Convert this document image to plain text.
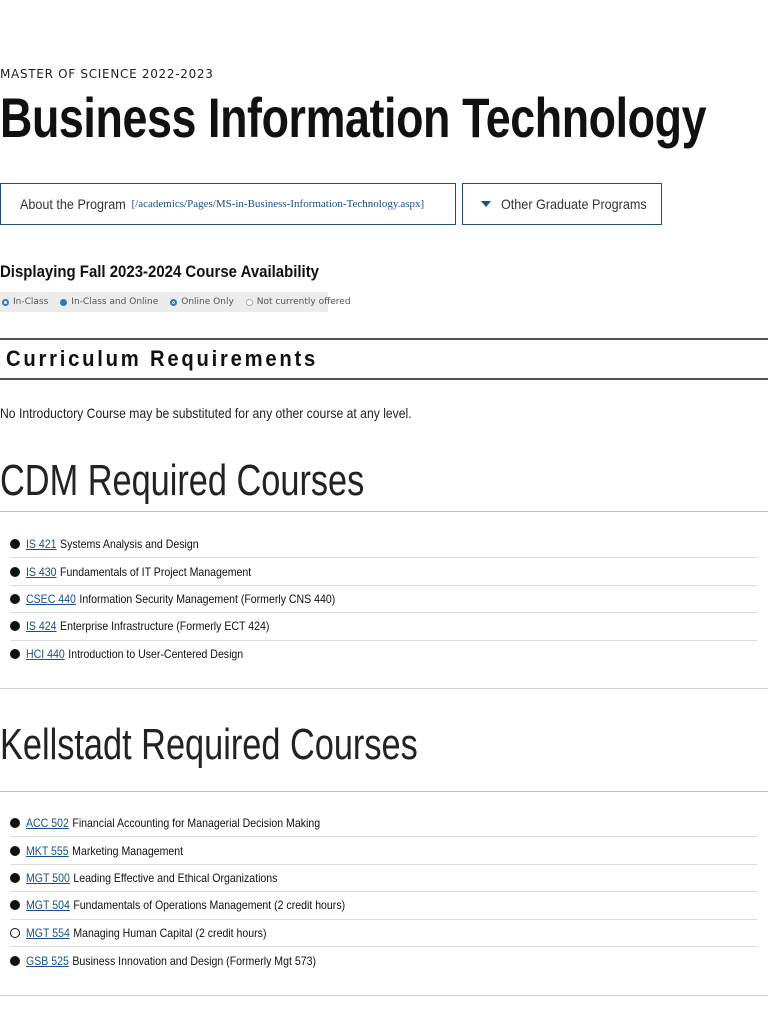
MASTER OF SCIENCE 2022-2023
Business Information Technology
About the Program [/academics/Pages/MS-in-Business-Information-Technology.aspx]	Other Graduate Programs
Displaying Fall 2023-2024 Course Availability
In-Class	In-Class and Online	Online Only	Not currently offered
Curriculum Requirements
No Introductory Course may be substituted for any other course at any level.
CDM Required Courses
IS 421 Systems Analysis and Design
IS 430 Fundamentals of IT Project Management
CSEC 440 Information Security Management (Formerly CNS 440)
IS 424 Enterprise Infrastructure (Formerly ECT 424)
HCI 440 Introduction to User-Centered Design
Kellstadt Required Courses
ACC 502 Financial Accounting for Managerial Decision Making
MKT 555 Marketing Management
MGT 500 Leading Effective and Ethical Organizations
MGT 504 Fundamentals of Operations Management (2 credit hours)
MGT 554 Managing Human Capital (2 credit hours)
GSB 525 Business Innovation and Design (Formerly Mgt 573)
